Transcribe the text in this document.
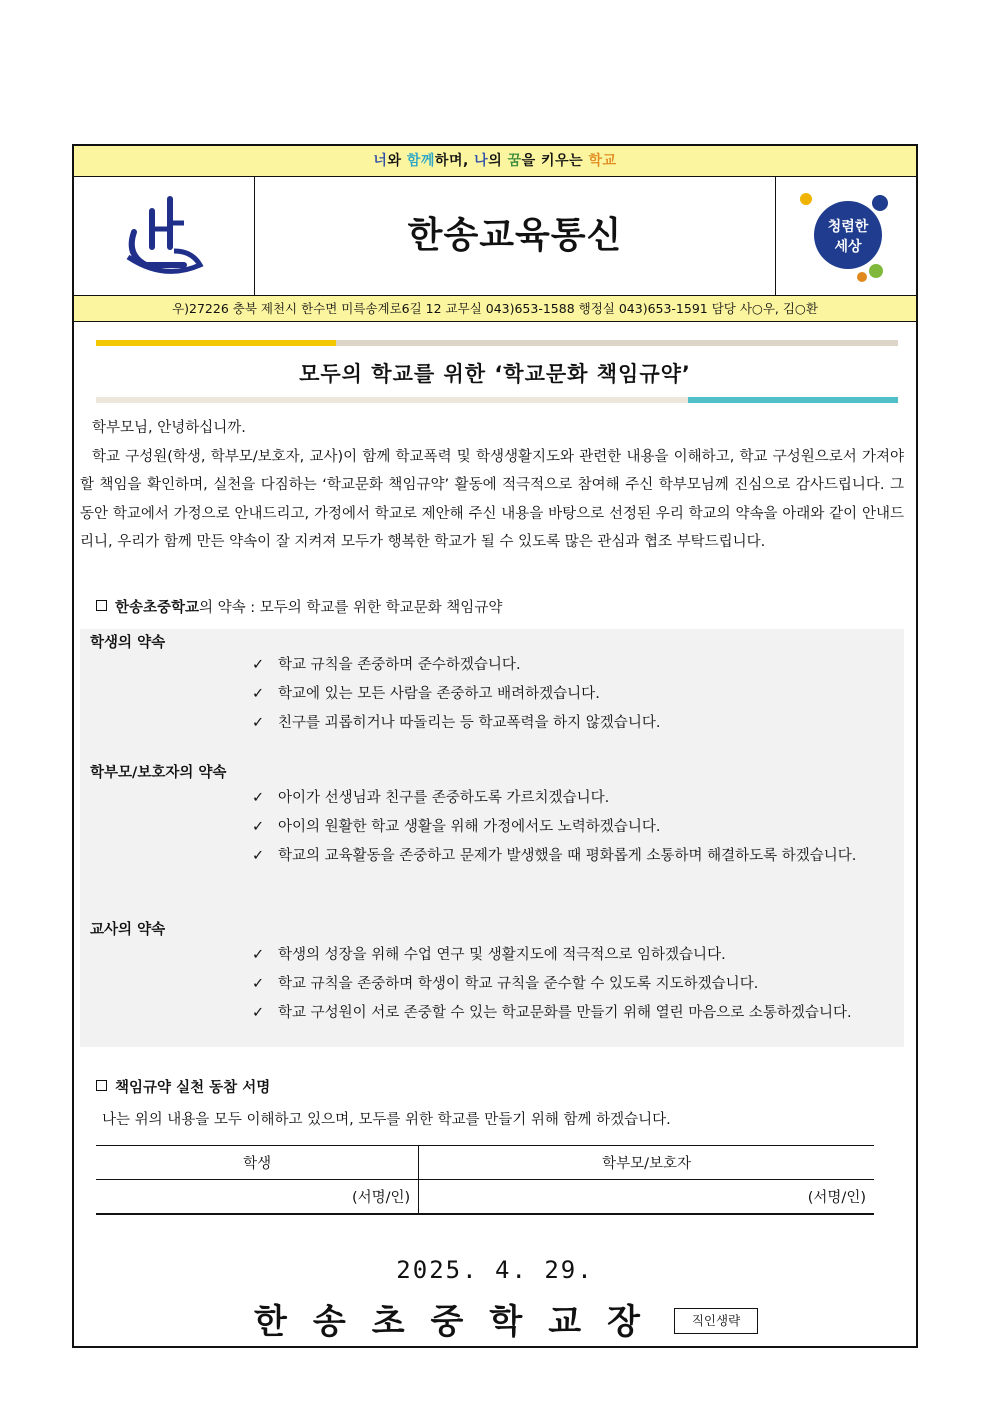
너와 함께하며, 나의 꿈을 키우는 학교
한송교육통신	청렴한
세상
우)27226 충북 제천시 한수면 미륵송계로6길 12 교무실 043)653-1588 행정실 043)653-1591 담당 사○우, 김○환
모두의 학교를 위한 ‘학교문화 책임규약’

학부모님, 안녕하십니까.

학교 구성원(학생, 학부모/보호자, 교사)이 함께 학교폭력 및 학생생활지도와 관련한 내용을 이해하고, 학교 구성원으로서 가져야 할 책임을 확인하며, 실천을 다짐하는 ‘학교문화 책임규약’ 활동에 적극적으로 참여해 주신 학부모님께 진심으로 감사드립니다. 그동안 학교에서 가정으로 안내드리고, 가정에서 학교로 제안해 주신 내용을 바탕으로 선정된 우리 학교의 약속을 아래와 같이 안내드리니, 우리가 함께 만든 약속이 잘 지켜져 모두가 행복한 학교가 될 수 있도록 많은 관심과 협조 부탁드립니다.

한송초중학교의 약속 : 모두의 학교를 위한 학교문화 책임규약
학생의 약속
✓ 학교 규칙을 존중하며 준수하겠습니다.
✓ 학교에 있는 모든 사람을 존중하고 배려하겠습니다.
✓ 친구를 괴롭히거나 따돌리는 등 학교폭력을 하지 않겠습니다.
학부모/보호자의 약속
✓ 아이가 선생님과 친구를 존중하도록 가르치겠습니다.
✓ 아이의 원활한 학교 생활을 위해 가정에서도 노력하겠습니다.
✓ 학교의 교육활동을 존중하고 문제가 발생했을 때 평화롭게 소통하며 해결하도록 하겠습니다.
교사의 약속
✓ 학생의 성장을 위해 수업 연구 및 생활지도에 적극적으로 임하겠습니다.
✓ 학교 규칙을 존중하며 학생이 학교 규칙을 준수할 수 있도록 지도하겠습니다.
✓ 학교 구성원이 서로 존중할 수 있는 학교문화를 만들기 위해 열린 마음으로 소통하겠습니다.
책임규약 실천 동참 서명
나는 위의 내용을 모두 이해하고 있으며, 모두를 위한 학교를 만들기 위해 함께 하겠습니다.
학생	학부모/보호자
(서명/인)	(서명/인)
2025. 4. 29.
한송초중학교장	직인생략
